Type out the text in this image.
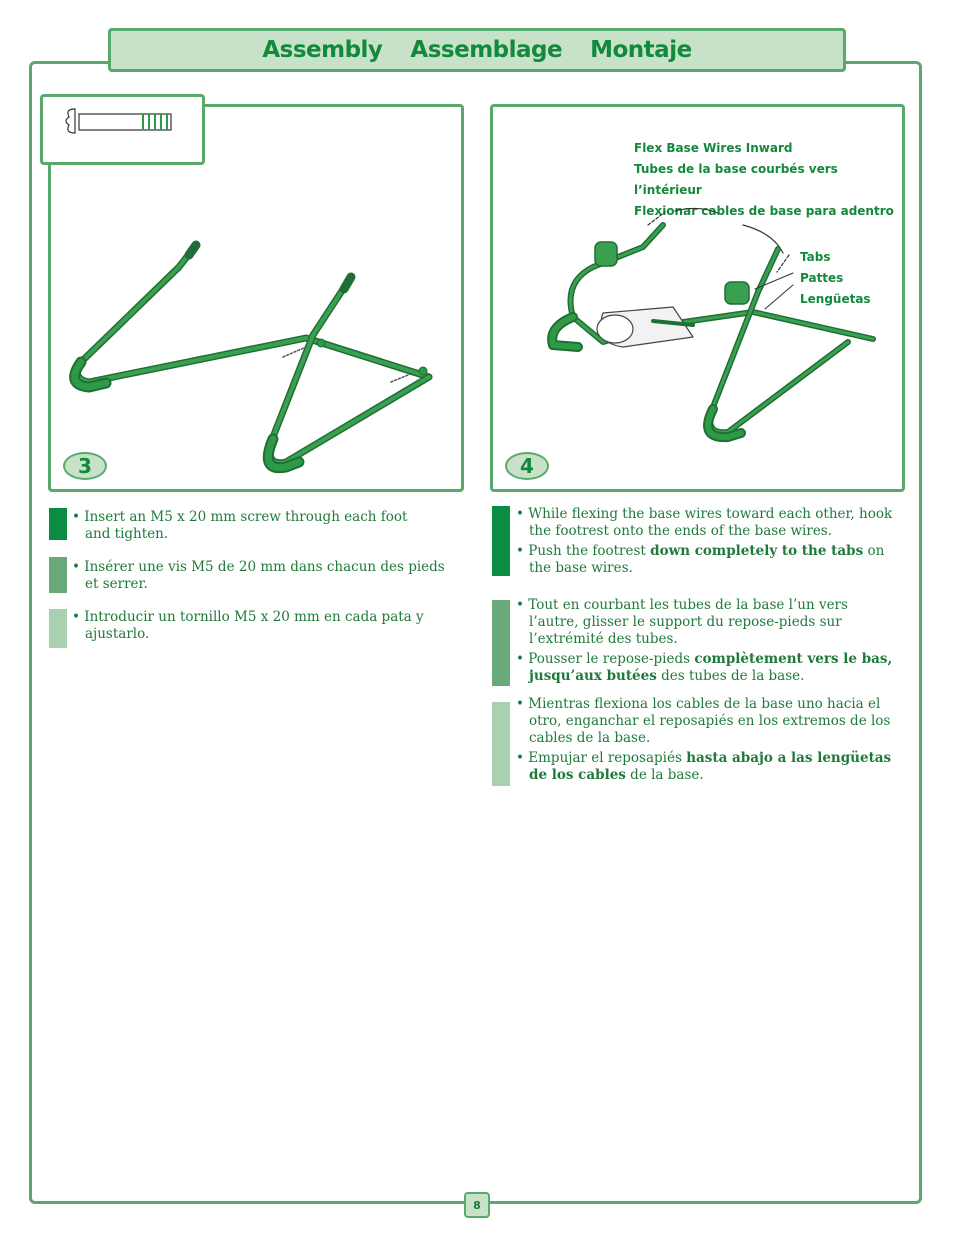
Assembly Assemblage Montaje
3
Flex Base Wires Inward
Tubes de la base courbés vers l’intérieur
Flexionar cables de base para adentro
Tabs
Pattes
Lengüetas
4

• Insert an M5 x 20 mm screw through each foot and tighten.

• Insérer une vis M5 de 20 mm dans chacun des pieds et serrer.

• Introducir un tornillo M5 x 20 mm en cada pata y ajustarlo.

• While flexing the base wires toward each other, hook the footrest onto the ends of the base wires.

• Push the footrest down completely to the tabs on the base wires.

• Tout en courbant les tubes de la base l’un vers l’autre, glisser le support du repose-pieds sur l’extrémité des tubes.

• Pousser le repose-pieds complètement vers le bas, jusqu’aux butées des tubes de la base.

• Mientras flexiona los cables de la base uno hacia el otro, enganchar el reposapiés en los extremos de los cables de la base.

• Empujar el reposapiés hasta abajo a las lengüetas de los cables de la base.

8
